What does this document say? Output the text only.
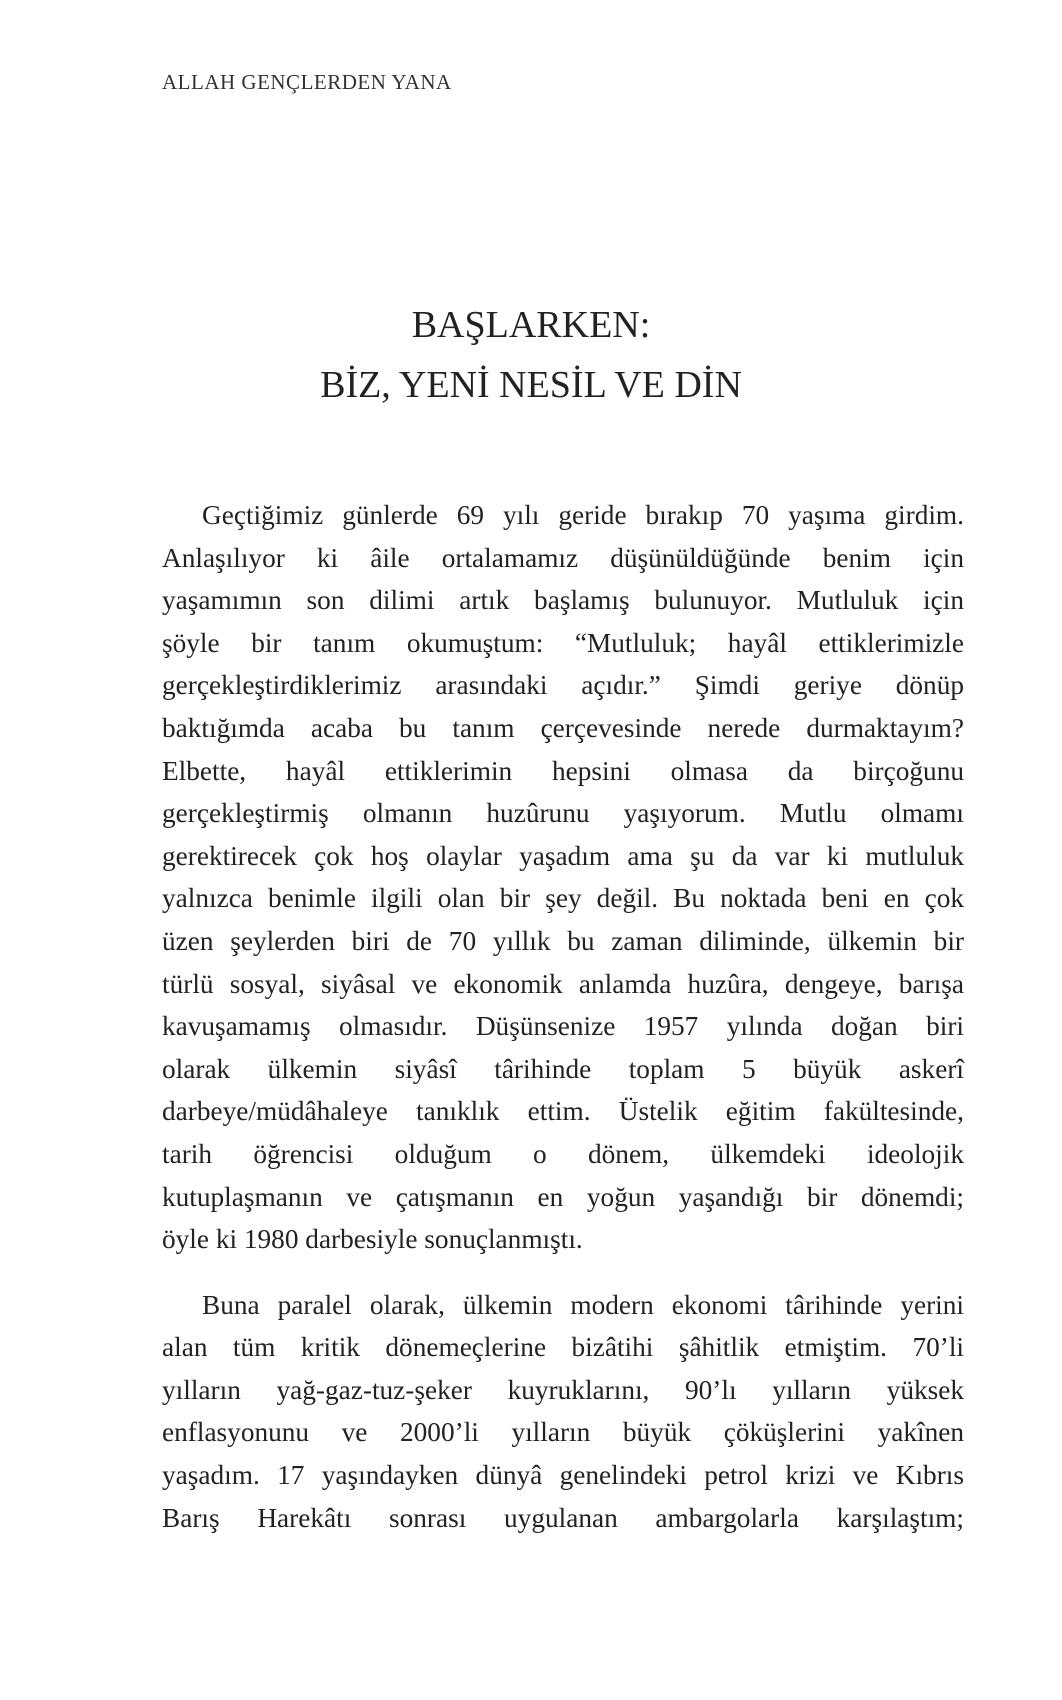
ALLAH GENÇLERDEN YANA
BAŞLARKEN:
BİZ, YENİ NESİL VE DİN

Geçtiğimiz günlerde 69 yılı geride bırakıp 70 yaşıma girdim.
Anlaşılıyor ki âile ortalamamız düşünüldüğünde benim için
yaşamımın son dilimi artık başlamış bulunuyor. Mutluluk için
şöyle bir tanım okumuştum: “Mutluluk; hayâl ettiklerimizle
gerçekleştirdiklerimiz arasındaki açıdır.” Şimdi geriye dönüp
baktığımda acaba bu tanım çerçevesinde nerede durmaktayım?
Elbette, hayâl ettiklerimin hepsini olmasa da birçoğunu
gerçekleştirmiş olmanın huzûrunu yaşıyorum. Mutlu olmamı
gerektirecek çok hoş olaylar yaşadım ama şu da var ki mutluluk
yalnızca benimle ilgili olan bir şey değil. Bu noktada beni en çok
üzen şeylerden biri de 70 yıllık bu zaman diliminde, ülkemin bir
türlü sosyal, siyâsal ve ekonomik anlamda huzûra, dengeye, barışa
kavuşamamış olmasıdır. Düşünsenize 1957 yılında doğan biri
olarak ülkemin siyâsî târihinde toplam 5 büyük askerî
darbeye/müdâhaleye tanıklık ettim. Üstelik eğitim fakültesinde,
tarih öğrencisi olduğum o dönem, ülkemdeki ideolojik
kutuplaşmanın ve çatışmanın en yoğun yaşandığı bir dönemdi;
öyle ki 1980 darbesiyle sonuçlanmıştı.

Buna paralel olarak, ülkemin modern ekonomi târihinde yerini
alan tüm kritik dönemeçlerine bizâtihi şâhitlik etmiştim. 70’li
yılların yağ-gaz-tuz-şeker kuyruklarını, 90’lı yılların yüksek
enflasyonunu ve 2000’li yılların büyük çöküşlerini yakînen
yaşadım. 17 yaşındayken dünyâ genelindeki petrol krizi ve Kıbrıs
Barış Harekâtı sonrası uygulanan ambargolarla karşılaştım;
